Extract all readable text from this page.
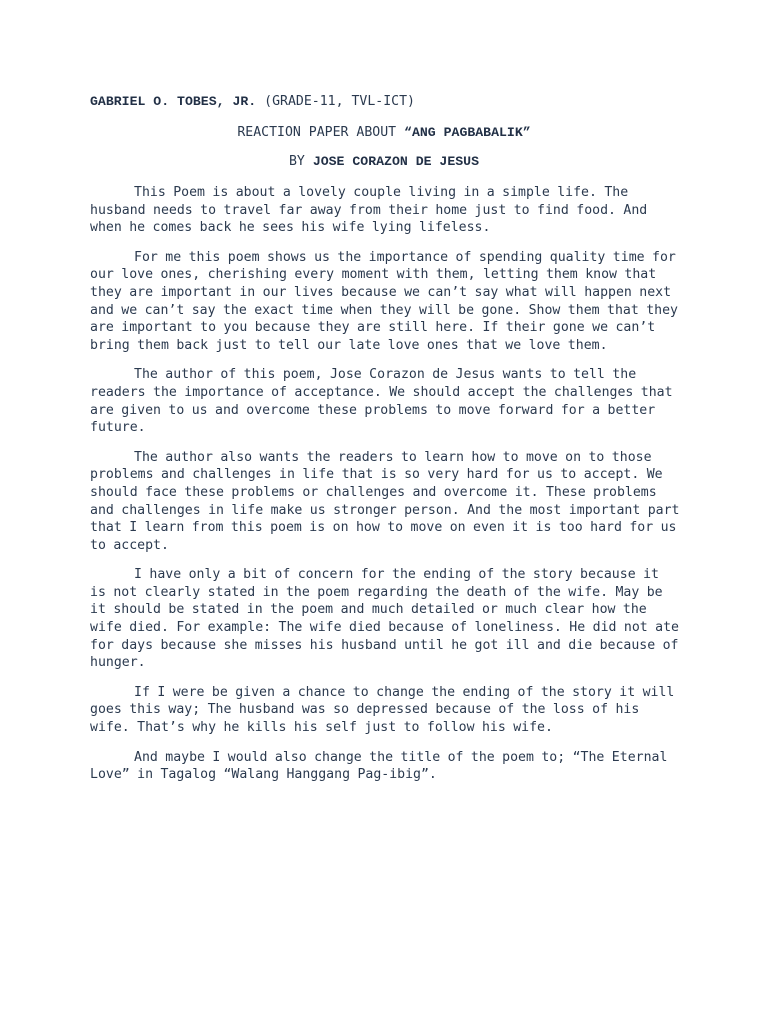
GABRIEL O. TOBES, JR. (GRADE-11, TVL-ICT)
REACTION PAPER ABOUT “ANG PAGBABALIK”
BY JOSE CORAZON DE JESUS

This Poem is about a lovely couple living in a simple life. The husband needs to travel far away from their home just to find food. And when he comes back he sees his wife lying lifeless.

For me this poem shows us the importance of spending quality time for our love ones, cherishing every moment with them, letting them know that they are important in our lives because we can’t say what will happen next and we can’t say the exact time when they will be gone. Show them that they are important to you because they are still here. If their gone we can’t bring them back just to tell our late love ones that we love them.

The author of this poem, Jose Corazon de Jesus wants to tell the readers the importance of acceptance. We should accept the challenges that are given to us and overcome these problems to move forward for a better future.

The author also wants the readers to learn how to move on to those problems and challenges in life that is so very hard for us to accept. We should face these problems or challenges and overcome it. These problems and challenges in life make us stronger person. And the most important part that I learn from this poem is on how to move on even it is too hard for us to accept.

I have only a bit of concern for the ending of the story because it is not clearly stated in the poem regarding the death of the wife. May be it should be stated in the poem and much detailed or much clear how the wife died. For example: The wife died because of loneliness. He did not ate for days because she misses his husband until he got ill and die because of hunger.

If I were be given a chance to change the ending of the story it will goes this way; The husband was so depressed because of the loss of his wife. That’s why he kills his self just to follow his wife.

And maybe I would also change the title of the poem to; “The Eternal Love” in Tagalog “Walang Hanggang Pag-ibig”.
